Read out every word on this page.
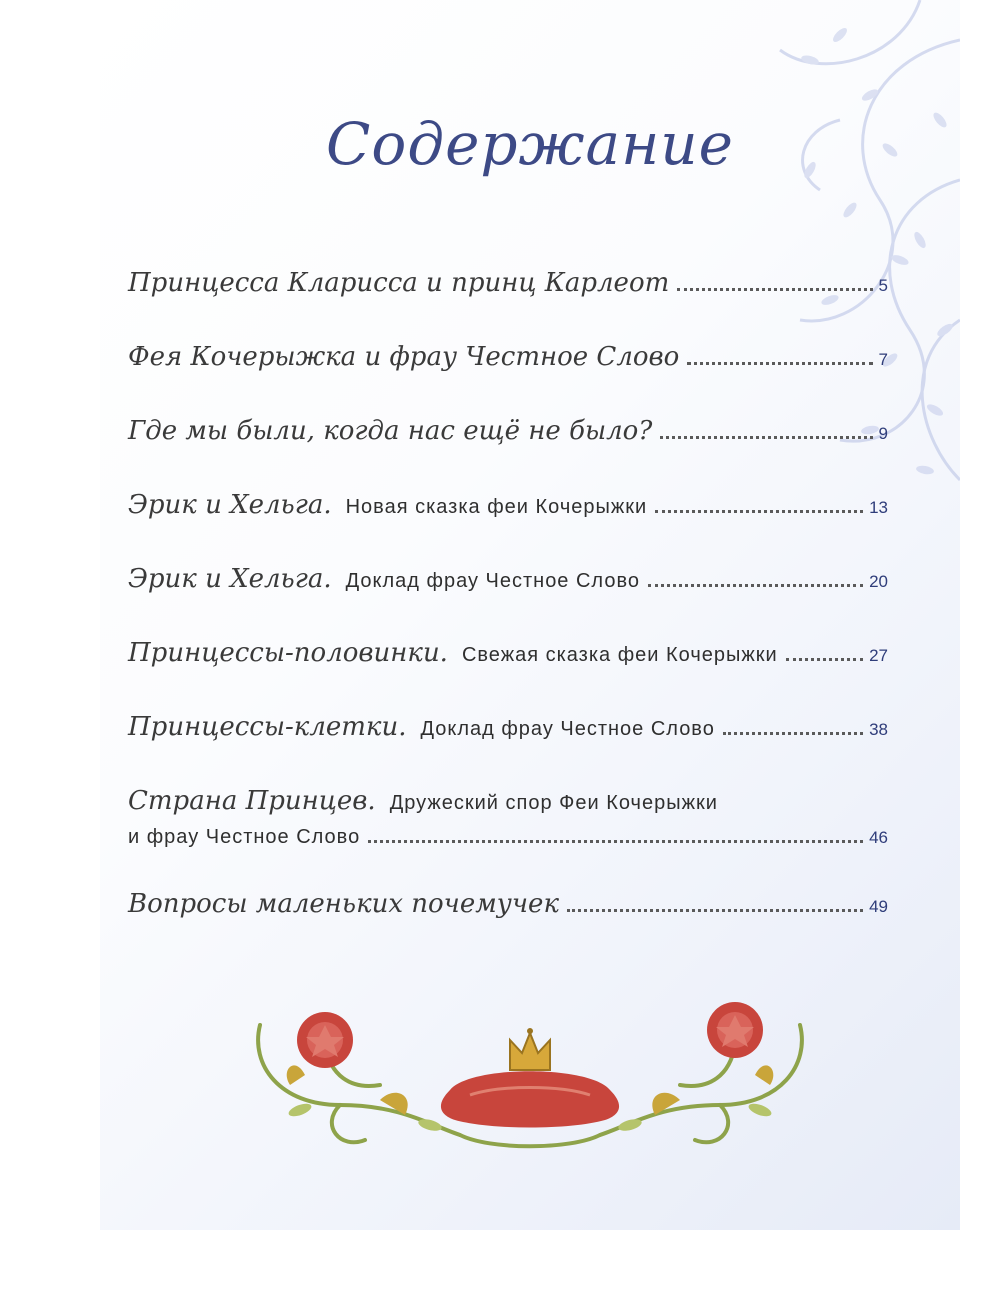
Содержание
Принцесса Кларисса и принц Карлеот	5
Фея Кочерыжка и фрау Честное Слово	7
Где мы были, когда нас ещё не было?	9
Эрик и Хельга. Новая сказка феи Кочерыжки	13
Эрик и Хельга. Доклад фрау Честное Слово	20
Принцессы-половинки. Свежая сказка феи Кочерыжки	27
Принцессы-клетки. Доклад фрау Честное Слово	38
Страна Принцев. Дружеский спор Феи Кочерыжки
и фрау Честное Слово	46
Вопросы маленьких почемучек	49
